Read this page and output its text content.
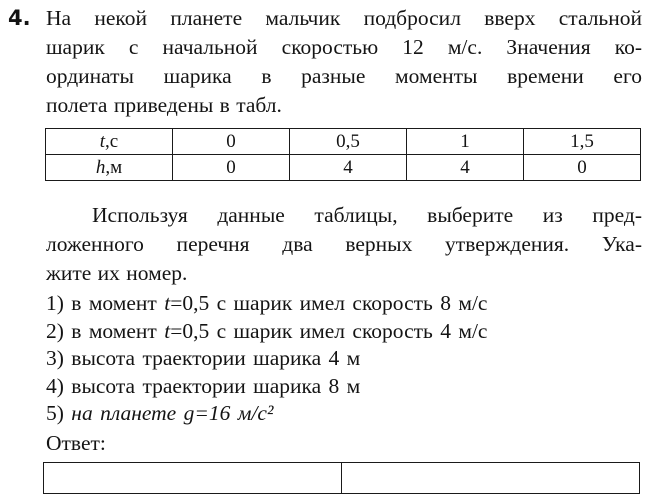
4. На некой планете мальчик подбросил вверх стальной
шарик с начальной скоростью 12 м/с. Значения ко-
ординаты шарика в разные моменты времени его
полета приведены в табл.
t,с	0	0,5	1	1,5
h,м	0	4	4	0
Используя данные таблицы, выберите из пред-
ложенного перечня два верных утверждения. Ука-
жите их номер.
1) в момент t=0,5 с шарик имел скорость 8 м/с
2) в момент t=0,5 с шарик имел скорость 4 м/с
3) высота траектории шарика 4 м
4) высота траектории шарика 8 м
5) на планете g=16 м/с²
Ответ:
